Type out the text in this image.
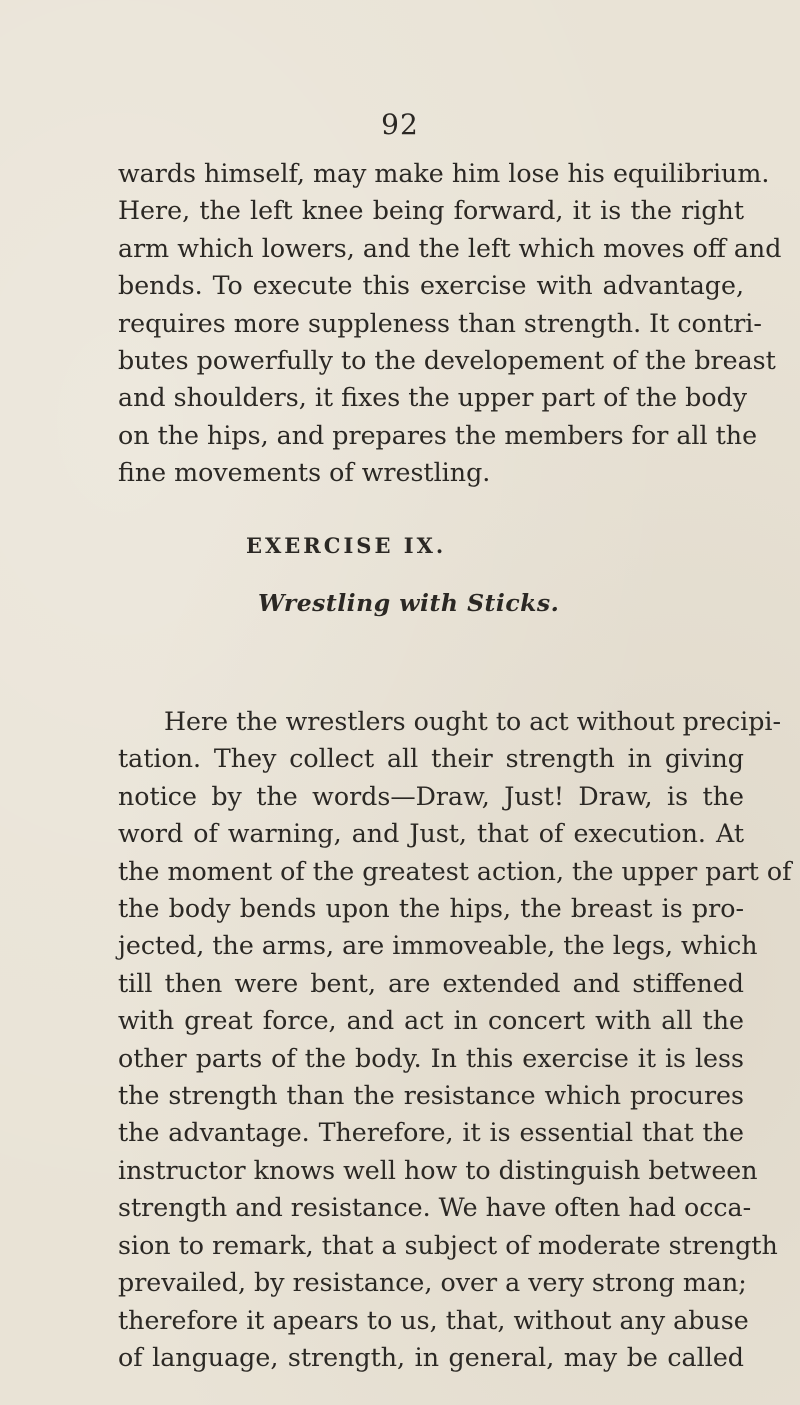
92

wards himself, may make him lose his equilibrium.
Here, the left knee being forward, it is the right
arm which lowers, and the left which moves off and
bends. To execute this exercise with advantage,
requires more suppleness than strength. It contri-
butes powerfully to the developement of the breast
and shoulders, it fixes the upper part of the body
on the hips, and prepares the members for all the
fine movements of wrestling.

EXERCISE IX.
Wrestling with Sticks.

Here the wrestlers ought to act without precipi-
tation. They collect all their strength in giving
notice by the words—Draw, Just! Draw, is the
word of warning, and Just, that of execution. At
the moment of the greatest action, the upper part of
the body bends upon the hips, the breast is pro-
jected, the arms, are immoveable, the legs, which
till then were bent, are extended and stiffened
with great force, and act in concert with all the
other parts of the body. In this exercise it is less
the strength than the resistance which procures
the advantage. Therefore, it is essential that the
instructor knows well how to distinguish between
strength and resistance. We have often had occa-
sion to remark, that a subject of moderate strength
prevailed, by resistance, over a very strong man;
therefore it apears to us, that, without any abuse
of language, strength, in general, may be called
